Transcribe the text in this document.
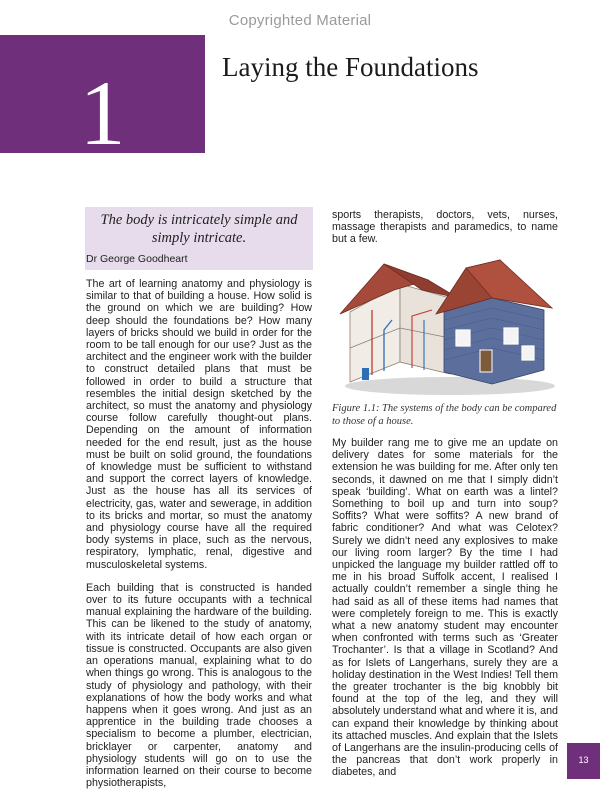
Copyrighted Material
1	Laying the Foundations
The body is intricately simple and simply intricate.
Dr George Goodheart

The art of learning anatomy and physiology is similar to that of building a house. How solid is the ground on which we are building? How deep should the foundations be? How many layers of bricks should we build in order for the room to be tall enough for our use? Just as the architect and the engineer work with the builder to construct detailed plans that must be followed in order to build a structure that resembles the initial design sketched by the architect, so must the anatomy and physiology course follow carefully thought-out plans. Depending on the amount of information needed for the end result, just as the house must be built on solid ground, the foundations of knowledge must be sufficient to withstand and support the correct layers of knowledge. Just as the house has all its services of electricity, gas, water and sewerage, in addition to its bricks and mortar, so must the anatomy and physiology course have all the required body systems in place, such as the nervous, respiratory, lymphatic, renal, digestive and musculoskeletal systems.

Each building that is constructed is handed over to its future occupants with a technical manual explaining the hardware of the building. This can be likened to the study of anatomy, with its intricate detail of how each organ or tissue is constructed. Occupants are also given an operations manual, explaining what to do when things go wrong. This is analogous to the study of physiology and pathology, with their explanations of how the body works and what happens when it goes wrong. And just as an apprentice in the building trade chooses a specialism to become a plumber, electrician, bricklayer or carpenter, anatomy and physiology students will go on to use the information learned on their course to become physiotherapists,

sports therapists, doctors, vets, nurses, massage therapists and paramedics, to name but a few.

Figure 1.1: The systems of the body can be compared to those of a house.

My builder rang me to give me an update on delivery dates for some materials for the extension he was building for me. After only ten seconds, it dawned on me that I simply didn’t speak ‘building’. What on earth was a lintel? Something to boil up and turn into soup? Soffits? What were soffits? A new brand of fabric conditioner? And what was Celotex? Surely we didn’t need any explosives to make our living room larger? By the time I had unpicked the language my builder rattled off to me in his broad Suffolk accent, I realised I actually couldn’t remember a single thing he had said as all of these items had names that were completely foreign to me. This is exactly what a new anatomy student may encounter when confronted with terms such as ‘Greater Trochanter’. Is that a village in Scotland? And as for Islets of Langerhans, surely they are a holiday destination in the West Indies! Tell them the greater trochanter is the big knobbly bit found at the top of the leg, and they will absolutely understand what and where it is, and can expand their knowledge by thinking about its attached muscles. And explain that the Islets of Langerhans are the insulin-producing cells of the pancreas that don’t work properly in diabetes, and

13
